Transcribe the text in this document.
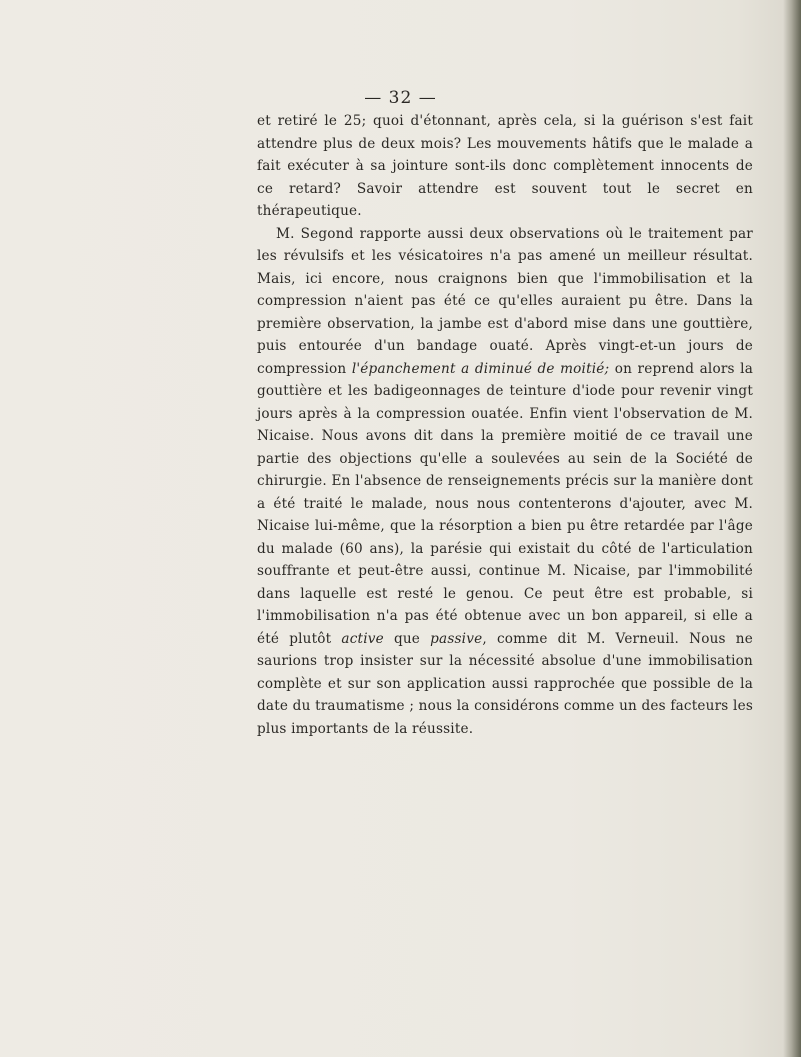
— 32 —

et retiré le 25; quoi d'étonnant, après cela, si la guérison s'est fait attendre plus de deux mois? Les mouvements hâtifs que le malade a fait exécuter à sa jointure sont-ils donc complètement innocents de ce retard? Savoir attendre est souvent tout le secret en thérapeutique.

M. Segond rapporte aussi deux observations où le traitement par les révulsifs et les vésicatoires n'a pas amené un meilleur résultat. Mais, ici encore, nous craignons bien que l'immobilisation et la compression n'aient pas été ce qu'elles auraient pu être. Dans la première observation, la jambe est d'abord mise dans une gouttière, puis entourée d'un bandage ouaté. Après vingt-et-un jours de compression l'épanchement a diminué de moitié; on reprend alors la gouttière et les badigeonnages de teinture d'iode pour revenir vingt jours après à la compression ouatée. Enfin vient l'observation de M. Nicaise. Nous avons dit dans la première moitié de ce travail une partie des objections qu'elle a soulevées au sein de la Société de chirurgie. En l'absence de renseignements précis sur la manière dont a été traité le malade, nous nous contenterons d'ajouter, avec M. Nicaise lui-même, que la résorption a bien pu être retardée par l'âge du malade (60 ans), la parésie qui existait du côté de l'articulation souffrante et peut-être aussi, continue M. Nicaise, par l'immobilité dans laquelle est resté le genou. Ce peut être est probable, si l'immobilisation n'a pas été obtenue avec un bon appareil, si elle a été plutôt active que passive, comme dit M. Verneuil. Nous ne saurions trop insister sur la nécessité absolue d'une immobilisation complète et sur son application aussi rapprochée que possible de la date du traumatisme ; nous la considérons comme un des facteurs les plus importants de la réussite.
